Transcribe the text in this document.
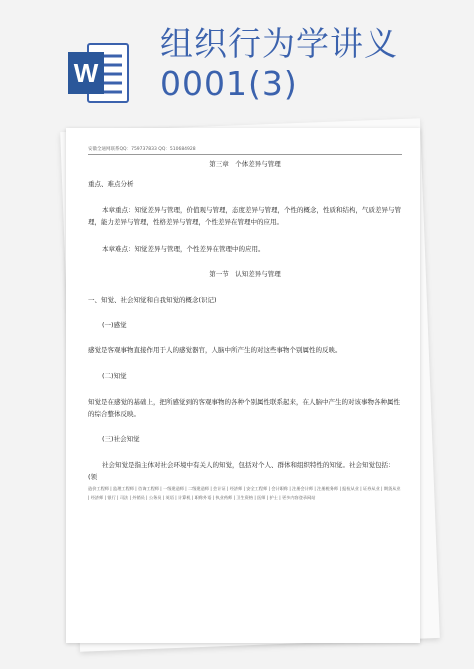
W
组织行为学讲义0001(3)
安徽全通网联系QQ：759737833 QQ：510684928

第三章　个体差异与管理

重点、难点分析

本章重点：知觉差异与管理，价值观与管理，态度差异与管理，个性的概念，性质和结构，气质差异与管理，能力差异与管理，性格差异与管理，个性差异在管理中的应用。

本章难点：知觉差异与管理，个性差异在管理中的应用。

第一节　认知差异与管理

一、知觉、社会知觉和自我知觉的概念(识记)

(一)感觉

感觉是客观事物直接作用于人的感觉器官，人脑中所产生的对这些事物个别属性的反映。

(二)知觉

知觉是在感觉的基础上，把所感觉到的客观事物的各种个别属性联系起来，在人脑中产生的对该事物各种属性的综合整体反映。

(三)社会知觉

社会知觉是指主体对社会环境中有关人的知觉，包括对个人、群体和组织特性的知觉。社会知觉包括：(领

造价工程师 | 监理工程师 | 咨询工程师 | 一级建造师 | 二级建造师 | 会计证 | 经济师 | 安全工程师 | 会计职称 | 注册会计师 | 注册税务师 | 报检从业 | 证券从业 | 期货从业 | 经济师 | 银行 | 司法 | 外销员 | 公务员 | 英语 | 计算机 | 职称外语 | 执业药师 | 卫生资格 | 医师 | 护士 | 更多内容登录网站
